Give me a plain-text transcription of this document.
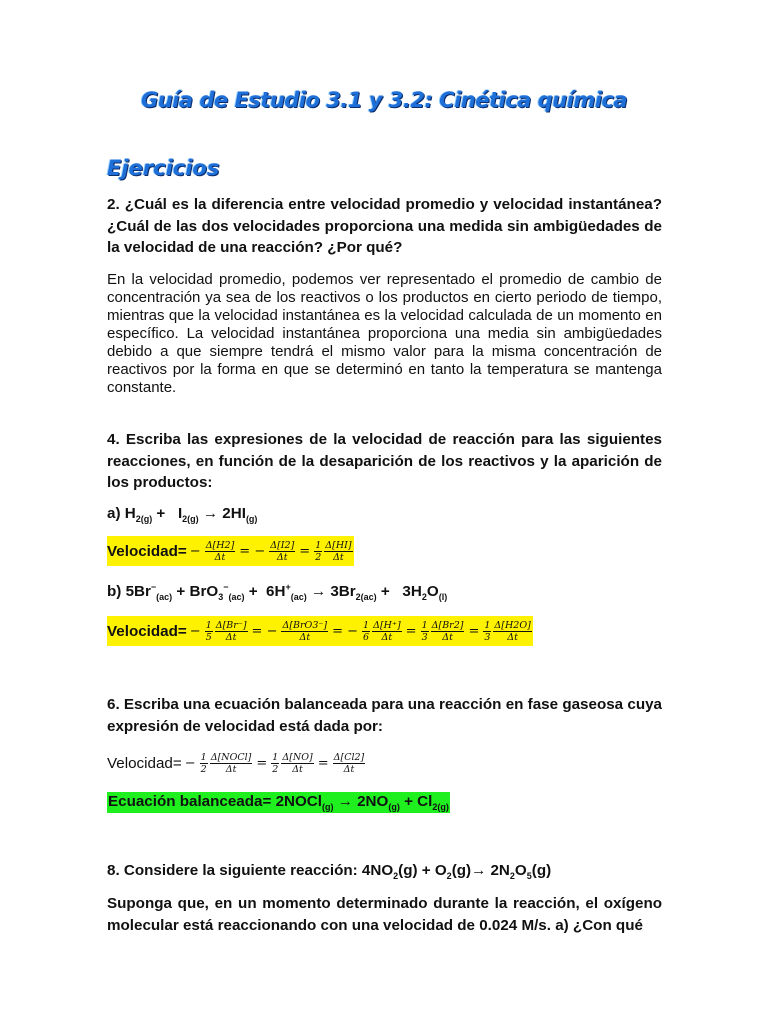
Guía de Estudio 3.1 y 3.2: Cinética química
Ejercicios
2. ¿Cuál es la diferencia entre velocidad promedio y velocidad instantánea? ¿Cuál de las dos velocidades proporciona una medida sin ambigüedades de la velocidad de una reacción? ¿Por qué?
En la velocidad promedio, podemos ver representado el promedio de cambio de concentración ya sea de los reactivos o los productos en cierto periodo de tiempo, mientras que la velocidad instantánea es la velocidad calculada de un momento en específico. La velocidad instantánea proporciona una media sin ambigüedades debido a que siempre tendrá el mismo valor para la misma concentración de reactivos por la forma en que se determinó en tanto la temperatura se mantenga constante.
4. Escriba las expresiones de la velocidad de reacción para las siguientes reacciones, en función de la desaparición de los reactivos y la aparición de los productos:
a) $H_{2(g)} + I_{2(g)} \to 2HI_{(g)}$
Velocidad= − $\frac{\Delta[H2]}{\Delta t}$ = − $\frac{\Delta[I2]}{\Delta t} = \frac{1}{2} \frac{\Delta[HI]}{\Delta t}$
b) $5Br^-_{(ac)} + BrO_3^-_{(ac)} + 6H^+_{(ac)} \to 3Br_{2(ac)} + 3H_2O_{(l)}$
Velocidad= − $\frac{1}{5} \frac{\Delta[Br^-]}{\Delta t}$ = − $\frac{\text{Δ[BrO3⁻]}}{\Delta t}$ = − $\frac{1}{6} \frac{\Delta[H^+]}{\Delta t} = \frac{1}{3} \frac{\Delta[Br2]}{\Delta t} = \frac{1}{3} \frac{\Delta[H2O]}{\Delta t}$
6. Escriba una ecuación balanceada para una reacción en fase gaseosa cuya expresión de velocidad está dada por:
Velocidad= − $\frac{1}{2} \frac{\text{Δ[NOCl]}}{\Delta t} = \frac{1}{2} \frac{\Delta[NO]}{\Delta t} = \frac{\Delta[Cl2]}{\Delta t}$
Ecuación balanceada= 2NOCl$_{(g)}$ → $2NO_{(g)} + Cl_{2(g)}$
8. Considere la siguiente reacción: $4NO_2(g) + O_2(g)\to 2N_2O_5(g)$
Suponga que, en un momento determinado durante la reacción, el oxígeno molecular está reaccionando con una velocidad de 0.024 M/s. a) ¿Con qué
